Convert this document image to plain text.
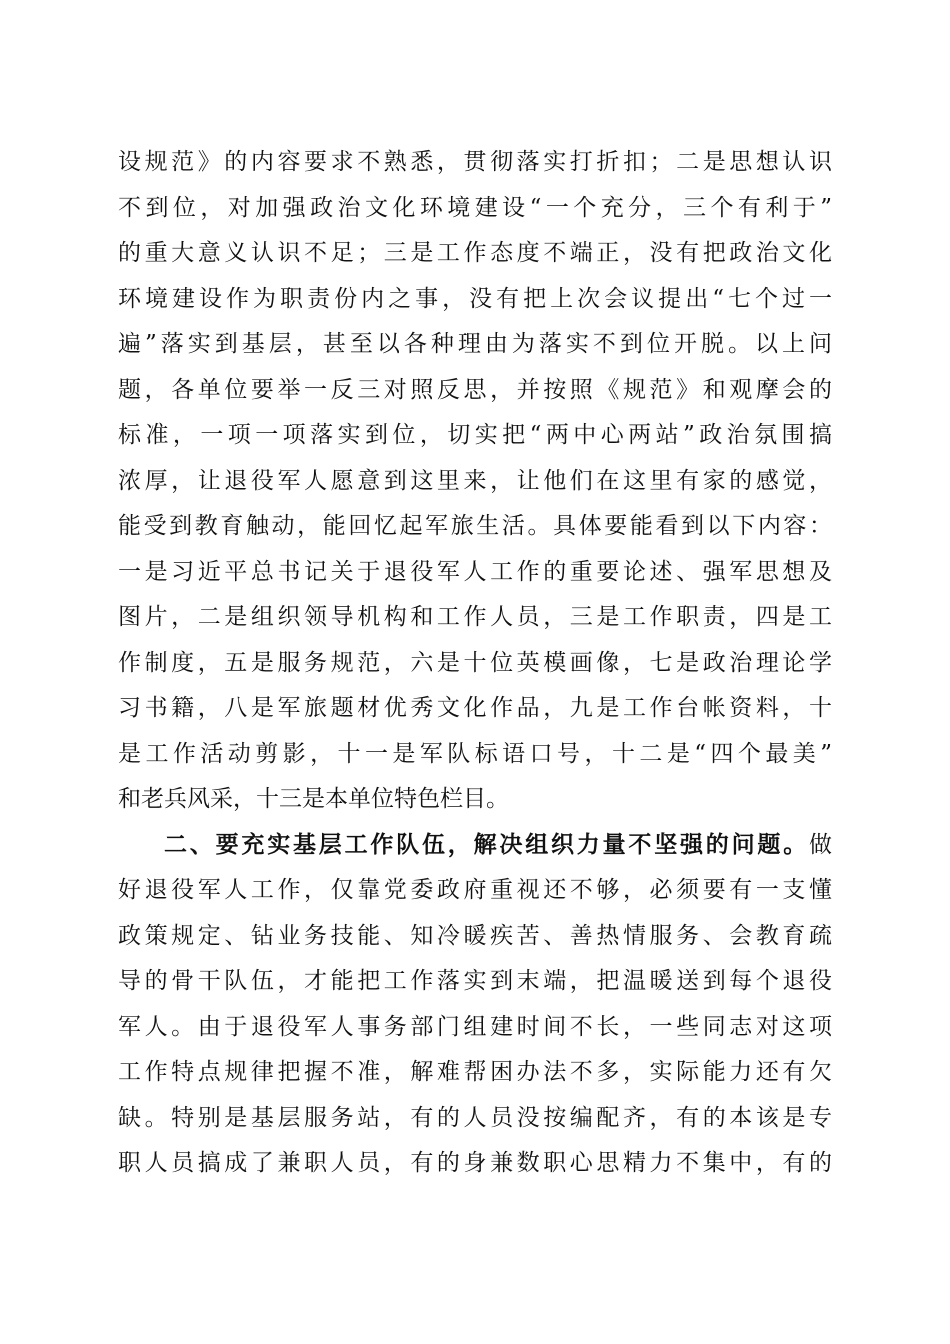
设规范》的内容要求不熟悉，贯彻落实打折扣；二是思想认识
不到位，对加强政治文化环境建设“一个充分，三个有利于”
的重大意义认识不足；三是工作态度不端正，没有把政治文化
环境建设作为职责份内之事，没有把上次会议提出“七个过一
遍”落实到基层，甚至以各种理由为落实不到位开脱。以上问
题，各单位要举一反三对照反思，并按照《规范》和观摩会的
标准，一项一项落实到位，切实把“两中心两站”政治氛围搞
浓厚，让退役军人愿意到这里来，让他们在这里有家的感觉，
能受到教育触动，能回忆起军旅生活。具体要能看到以下内容：
一是习近平总书记关于退役军人工作的重要论述、强军思想及
图片，二是组织领导机构和工作人员，三是工作职责，四是工
作制度，五是服务规范，六是十位英模画像，七是政治理论学
习书籍，八是军旅题材优秀文化作品，九是工作台帐资料，十
是工作活动剪影，十一是军队标语口号，十二是“四个最美”
和老兵风采，十三是本单位特色栏目。
二、要充实基层工作队伍，解决组织力量不坚强的问题。做
好退役军人工作，仅靠党委政府重视还不够，必须要有一支懂
政策规定、钻业务技能、知冷暖疾苦、善热情服务、会教育疏
导的骨干队伍，才能把工作落实到末端，把温暖送到每个退役
军人。由于退役军人事务部门组建时间不长，一些同志对这项
工作特点规律把握不准，解难帮困办法不多，实际能力还有欠
缺。特别是基层服务站，有的人员没按编配齐，有的本该是专
职人员搞成了兼职人员，有的身兼数职心思精力不集中，有的
